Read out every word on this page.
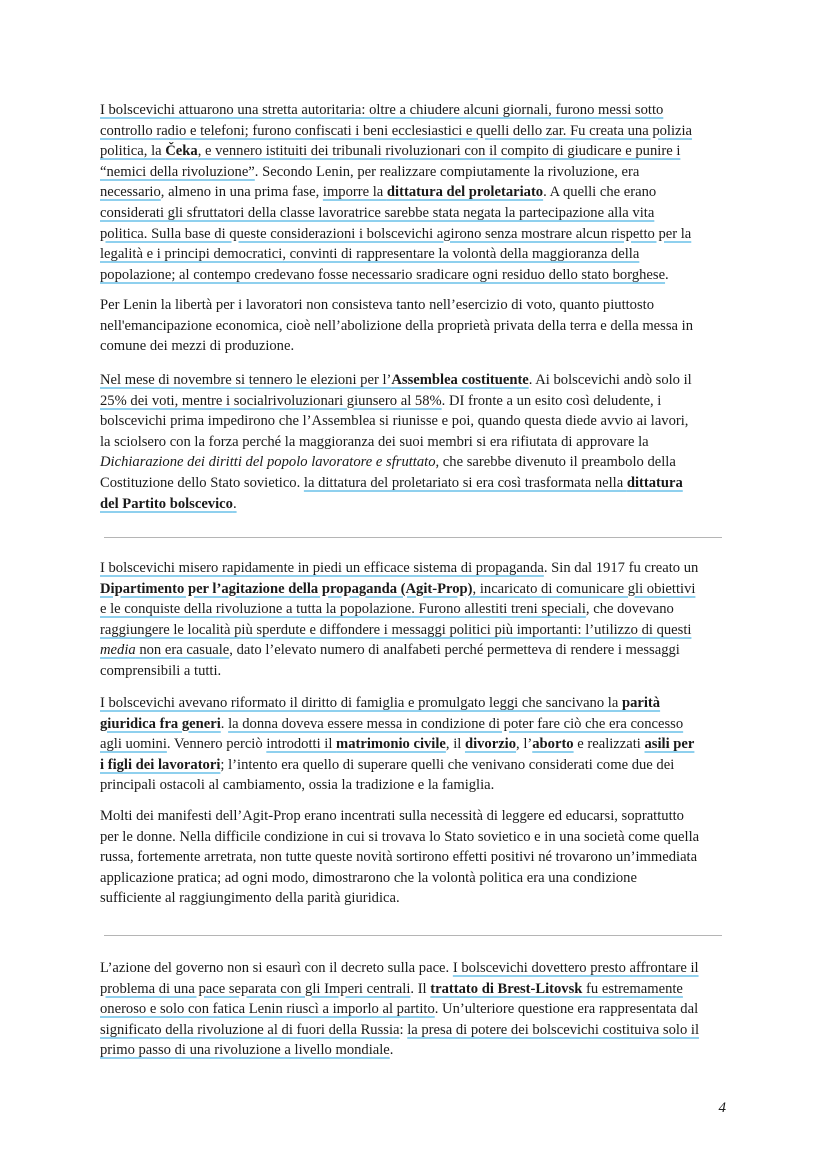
I bolscevichi attuarono una stretta autoritaria: oltre a chiudere alcuni giornali, furono messi sotto
controllo radio e telefoni; furono confiscati i beni ecclesiastici e quelli dello zar. Fu creata una polizia
politica, la Čeka, e vennero istituiti dei tribunali rivoluzionari con il compito di giudicare e punire i
“nemici della rivoluzione”. Secondo Lenin, per realizzare compiutamente la rivoluzione, era
necessario, almeno in una prima fase, imporre la dittatura del proletariato. A quelli che erano
considerati gli sfruttatori della classe lavoratrice sarebbe stata negata la partecipazione alla vita
politica. Sulla base di queste considerazioni i bolscevichi agirono senza mostrare alcun rispetto per la
legalità e i principi democratici, convinti di rappresentare la volontà della maggioranza della
popolazione; al contempo credevano fosse necessario sradicare ogni residuo dello stato borghese.

Per Lenin la libertà per i lavoratori non consisteva tanto nell’esercizio di voto, quanto piuttosto
nell'emancipazione economica, cioè nell’abolizione della proprietà privata della terra e della messa in
comune dei mezzi di produzione.

Nel mese di novembre si tennero le elezioni per l’Assemblea costituente. Ai bolscevichi andò solo il
25% dei voti, mentre i socialrivoluzionari giunsero al 58%. DI fronte a un esito così deludente, i
bolscevichi prima impedirono che l’Assemblea si riunisse e poi, quando questa diede avvio ai lavori,
la sciolsero con la forza perché la maggioranza dei suoi membri si era rifiutata di approvare la
Dichiarazione dei diritti del popolo lavoratore e sfruttato, che sarebbe divenuto il preambolo della
Costituzione dello Stato sovietico. la dittatura del proletariato si era così trasformata nella dittatura
del Partito bolscevico.

I bolscevichi misero rapidamente in piedi un efficace sistema di propaganda. Sin dal 1917 fu creato un
Dipartimento per l’agitazione della propaganda (Agit-Prop), incaricato di comunicare gli obiettivi
e le conquiste della rivoluzione a tutta la popolazione. Furono allestiti treni speciali, che dovevano
raggiungere le località più sperdute e diffondere i messaggi politici più importanti: l’utilizzo di questi
media non era casuale, dato l’elevato numero di analfabeti perché permetteva di rendere i messaggi
comprensibili a tutti.

I bolscevichi avevano riformato il diritto di famiglia e promulgato leggi che sancivano la parità
giuridica fra generi. la donna doveva essere messa in condizione di poter fare ciò che era concesso
agli uomini. Vennero perciò introdotti il matrimonio civile, il divorzio, l’aborto e realizzati asili per
i figli dei lavoratori; l’intento era quello di superare quelli che venivano considerati come due dei
principali ostacoli al cambiamento, ossia la tradizione e la famiglia.

Molti dei manifesti dell’Agit-Prop erano incentrati sulla necessità di leggere ed educarsi, soprattutto
per le donne. Nella difficile condizione in cui si trovava lo Stato sovietico e in una società come quella
russa, fortemente arretrata, non tutte queste novità sortirono effetti positivi né trovarono un’immediata
applicazione pratica; ad ogni modo, dimostrarono che la volontà politica era una condizione
sufficiente al raggiungimento della parità giuridica.

L’azione del governo non si esaurì con il decreto sulla pace. I bolscevichi dovettero presto affrontare il
problema di una pace separata con gli Imperi centrali. Il trattato di Brest-Litovsk fu estremamente
oneroso e solo con fatica Lenin riuscì a imporlo al partito. Un’ulteriore questione era rappresentata dal
significato della rivoluzione al di fuori della Russia: la presa di potere dei bolscevichi costituiva solo il
primo passo di una rivoluzione a livello mondiale.

4
